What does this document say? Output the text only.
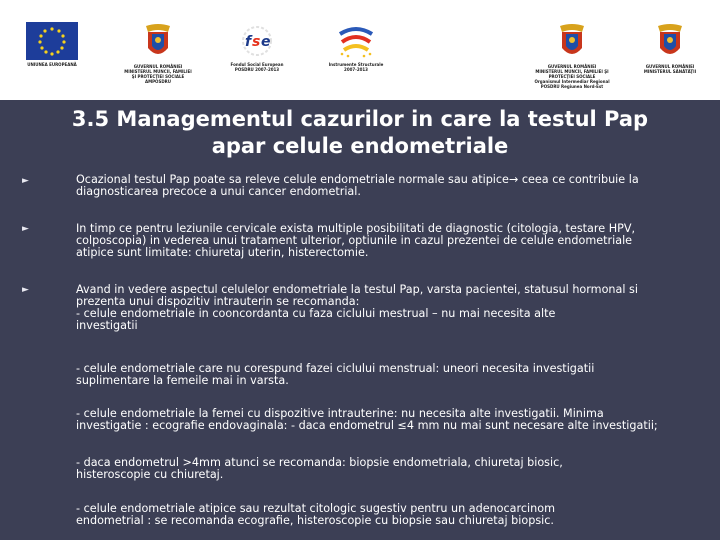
UNIUNEA EUROPEANĂ	GUVERNUL ROMÂNIEI
MINISTERUL MUNCII, FAMILIEI
ŞI PROTECŢIEI SOCIALE
AMPOSDRU
f s e
Fondul Social European
POSDRU 2007-2013
Instrumente Structurale
2007-2013
GUVERNUL ROMÂNIEI
MINISTERUL MUNCII, FAMILIEI ŞI
PROTECŢIEI SOCIALE
Organismul Intermediar Regional
POSDRU Regiunea Nord-Est
GUVERNUL ROMÂNIEI
MINISTERUL SĂNĂTĂŢII
3.5 Managementul cazurilor in care la testul Pap
apar celule endometriale
►	Ocazional testul Pap poate sa releve celule endometriale normale sau atipice→ ceea ce contribuie la
diagnosticarea precoce a unui cancer endometrial.

►	In timp ce pentru leziunile cervicale exista multiple posibilitati de diagnostic (citologia, testare HPV,
colposcopia) in vederea unui tratament ulterior, optiunile in cazul prezentei de celule endometriale
atipice sunt limitate: chiuretaj uterin, histerectomie.

►	Avand in vedere aspectul celulelor endometriale la testul Pap, varsta pacientei, statusul hormonal si
prezenta unui dispozitiv intrauterin se recomanda:
- celule endometriale in cooncordanta cu faza ciclului mestrual – nu mai necesita alte
investigatii

- celule endometriale care nu corespund fazei ciclului menstrual: uneori necesita investigatii
suplimentare la femeile mai in varsta.

- celule endometriale la femei cu dispozitive intrauterine: nu necesita alte investigatii. Minima
investigatie : ecografie endovaginala: - daca endometrul ≤4 mm nu mai sunt necesare alte investigatii;

- daca endometrul >4mm atunci se recomanda: biopsie endometriala, chiuretaj biosic,
histeroscopie cu chiuretaj.

- celule endometriale atipice sau rezultat citologic sugestiv pentru un adenocarcinom
endometrial : se recomanda ecografie, histeroscopie cu biopsie sau chiuretaj biopsic.
